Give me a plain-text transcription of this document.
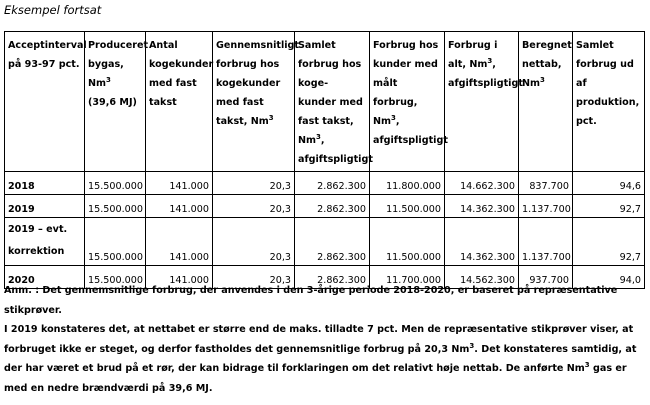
Eksempel fortsat
Acceptinterval på 93-97 pct.	Produceret bygas, Nm$^3$ (39,6 MJ)	Antal kogekunder med fast takst	Gennemsnitligt forbrug hos kogekunder med fast takst, Nm$^3$	Samlet forbrug hos koge-kunder med fast takst, Nm$^3$, afgiftspligtigt	Forbrug hos kunder med målt forbrug, Nm$^3$, afgiftspligtigt	Forbrug i alt, Nm$^3$, afgiftspligtigt	Beregnet nettab, Nm$^3$	Samlet forbrug ud af produktion, pct.
2018	15.500.000	141.000	20,3	2.862.300	11.800.000	14.662.300	837.700	94,6
2019	15.500.000	141.000	20,3	2.862.300	11.500.000	14.362.300	1.137.700	92,7
2019 – evt. korrektion	15.500.000	141.000	20,3	2.862.300	11.500.000	14.362.300	1.137.700	92,7
2020	15.500.000	141.000	20,3	2.862.300	11.700.000	14.562.300	937.700	94,0

Anm. : Det gennemsnitlige forbrug, der anvendes i den 3-årige periode 2018-2020, er baseret på repræsentative stikprøver.

I 2019 konstateres det, at nettabet er større end de maks. tilladte 7 pct. Men de repræsentative stikprøver viser, at forbruget ikke er steget, og derfor fastholdes det gennemsnitlige forbrug på 20,3 Nm$^3$. Det konstateres samtidig, at der har været et brud på et rør, der kan bidrage til forklaringen om det relativt høje nettab. De anførte Nm$^3$ gas er med en nedre brændværdi på 39,6 MJ.
